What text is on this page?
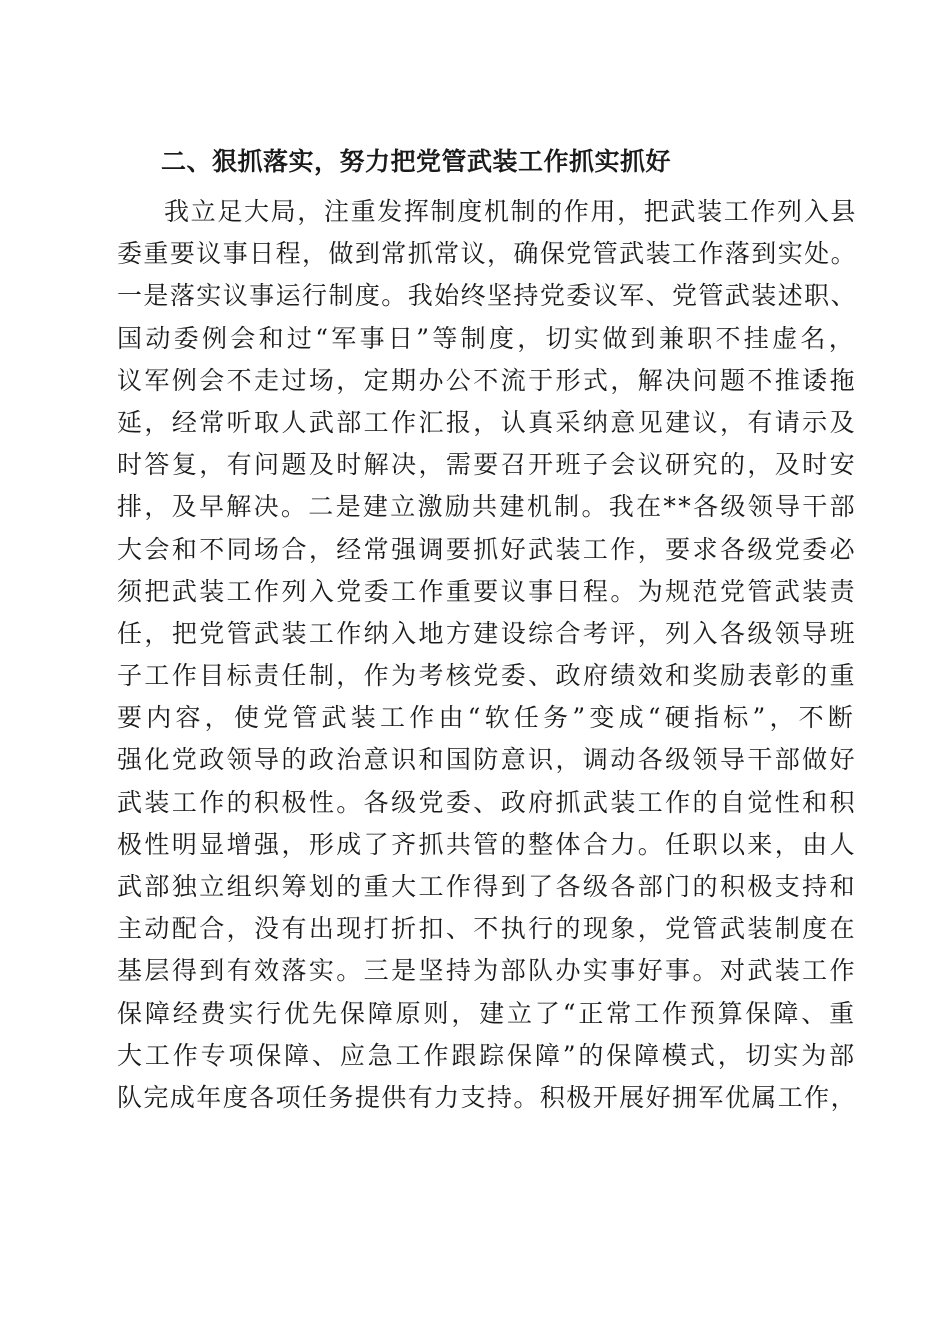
二、狠抓落实，努力把党管武装工作抓实抓好
我立足大局，注重发挥制度机制的作用，把武装工作列入县
委重要议事日程，做到常抓常议，确保党管武装工作落到实处。
一是落实议事运行制度。我始终坚持党委议军、党管武装述职、
国动委例会和过“军事日”等制度，切实做到兼职不挂虚名，
议军例会不走过场，定期办公不流于形式，解决问题不推诿拖
延，经常听取人武部工作汇报，认真采纳意见建议，有请示及
时答复，有问题及时解决，需要召开班子会议研究的，及时安
排，及早解决。二是建立激励共建机制。我在**各级领导干部
大会和不同场合，经常强调要抓好武装工作，要求各级党委必
须把武装工作列入党委工作重要议事日程。为规范党管武装责
任，把党管武装工作纳入地方建设综合考评，列入各级领导班
子工作目标责任制，作为考核党委、政府绩效和奖励表彰的重
要内容，使党管武装工作由“软任务”变成“硬指标”，不断
强化党政领导的政治意识和国防意识，调动各级领导干部做好
武装工作的积极性。各级党委、政府抓武装工作的自觉性和积
极性明显增强，形成了齐抓共管的整体合力。任职以来，由人
武部独立组织筹划的重大工作得到了各级各部门的积极支持和
主动配合，没有出现打折扣、不执行的现象，党管武装制度在
基层得到有效落实。三是坚持为部队办实事好事。对武装工作
保障经费实行优先保障原则，建立了“正常工作预算保障、重
大工作专项保障、应急工作跟踪保障”的保障模式，切实为部
队完成年度各项任务提供有力支持。积极开展好拥军优属工作，
